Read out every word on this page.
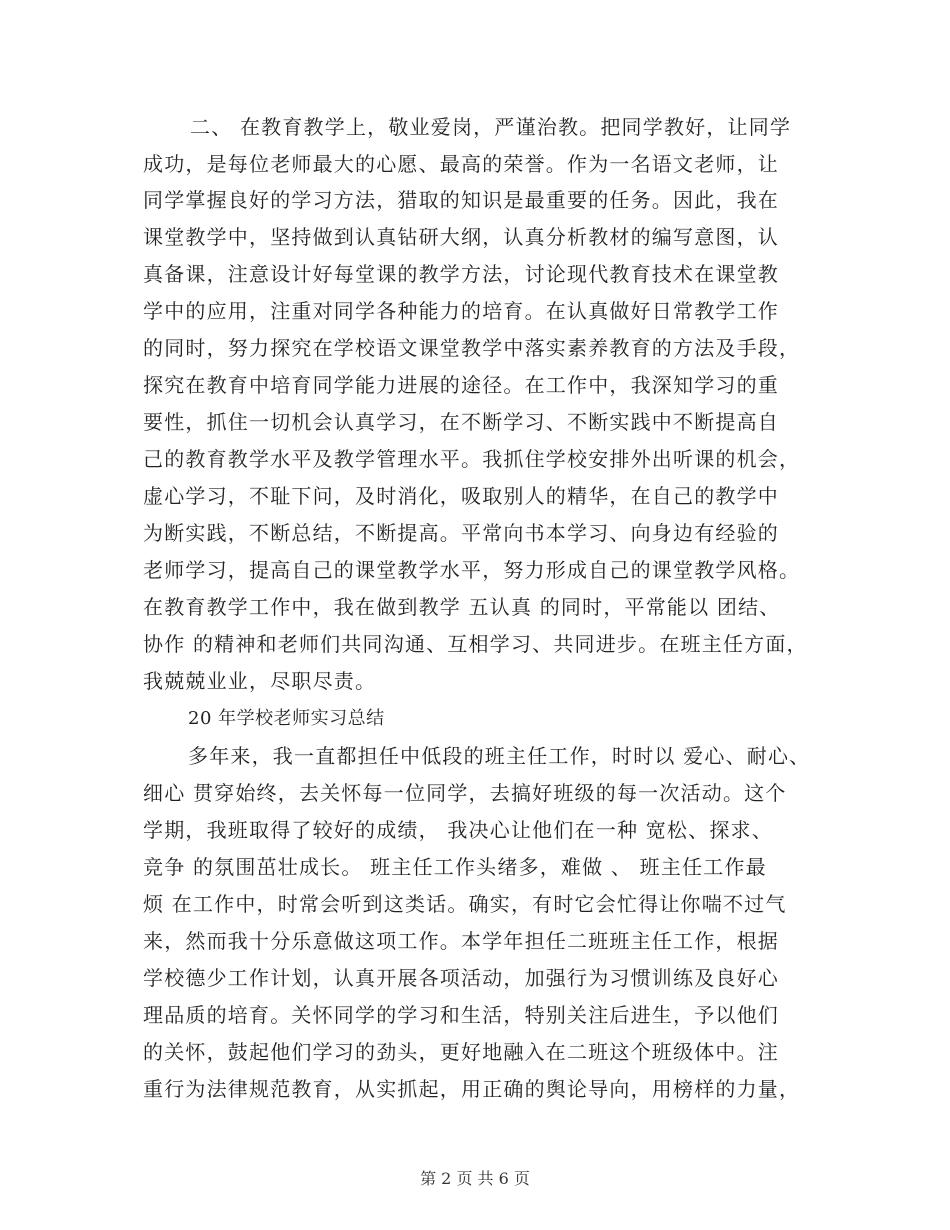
二、 在教育教学上，敬业爱岗，严谨治教。把同学教好，让同学
成功，是每位老师最大的心愿、最高的荣誉。作为一名语文老师，让
同学掌握良好的学习方法，猎取的知识是最重要的任务。因此，我在
课堂教学中，坚持做到认真钻研大纲，认真分析教材的编写意图，认
真备课，注意设计好每堂课的教学方法，讨论现代教育技术在课堂教
学中的应用，注重对同学各种能力的培育。在认真做好日常教学工作
的同时，努力探究在学校语文课堂教学中落实素养教育的方法及手段，
探究在教育中培育同学能力进展的途径。在工作中，我深知学习的重
要性，抓住一切机会认真学习，在不断学习、不断实践中不断提高自
己的教育教学水平及教学管理水平。我抓住学校安排外出听课的机会，
虚心学习，不耻下问，及时消化，吸取别人的精华，在自己的教学中
为断实践，不断总结，不断提高。平常向书本学习、向身边有经验的
老师学习，提高自己的课堂教学水平，努力形成自己的课堂教学风格。
在教育教学工作中，我在做到教学 五认真 的同时，平常能以 团结、
协作 的精神和老师们共同沟通、互相学习、共同进步。在班主任方面，
我兢兢业业，尽职尽责。
20 年学校老师实习总结
多年来，我一直都担任中低段的班主任工作，时时以 爱心、耐心、
细心 贯穿始终，去关怀每一位同学，去搞好班级的每一次活动。这个
学期，我班取得了较好的成绩， 我决心让他们在一种 宽松、探求、
竞争 的氛围茁壮成长。 班主任工作头绪多，难做 、 班主任工作最
烦 在工作中，时常会听到这类话。确实，有时它会忙得让你喘不过气
来，然而我十分乐意做这项工作。本学年担任二班班主任工作，根据
学校德少工作计划，认真开展各项活动，加强行为习惯训练及良好心
理品质的培育。关怀同学的学习和生活，特别关注后进生，予以他们
的关怀，鼓起他们学习的劲头，更好地融入在二班这个班级体中。注
重行为法律规范教育，从实抓起，用正确的舆论导向，用榜样的力量，
第 2 页 共 6 页
